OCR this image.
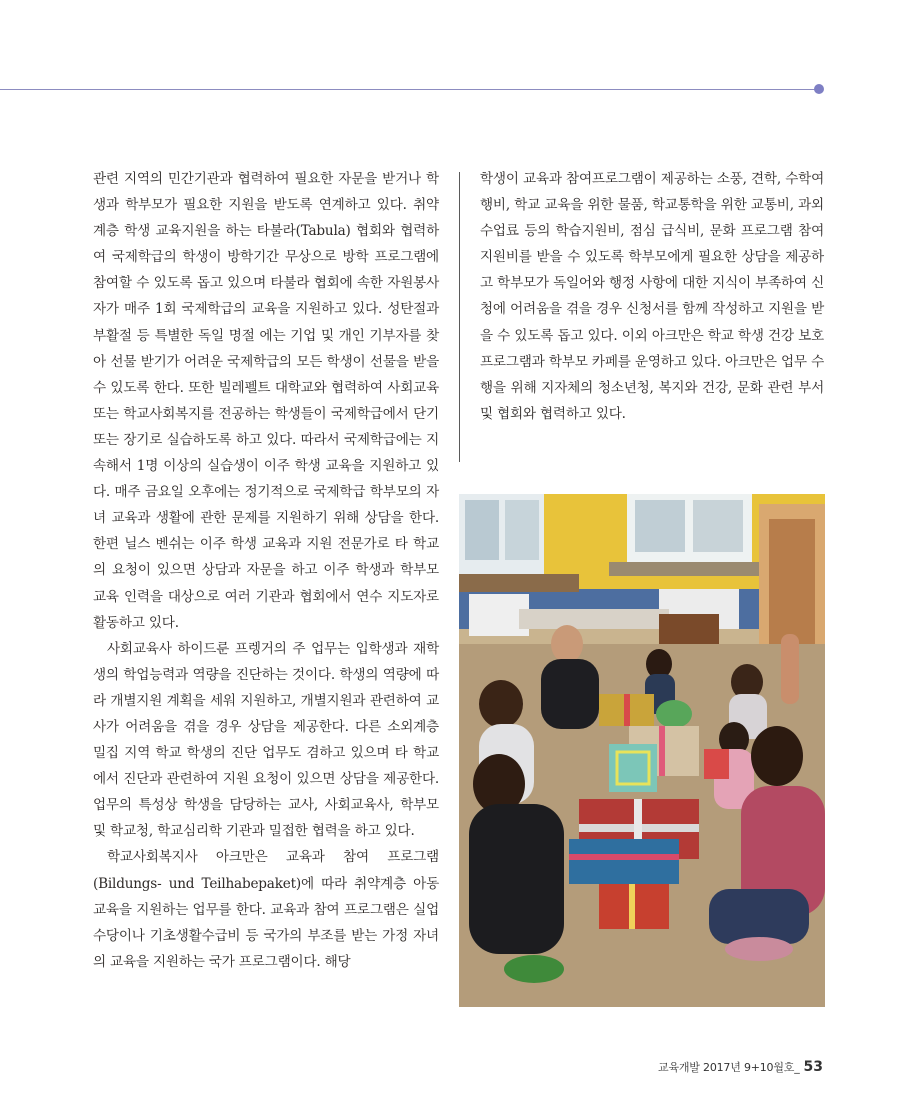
관련 지역의 민간기관과 협력하여 필요한 자문을 받거나 학생과 학부모가 필요한 지원을 받도록 연계하고 있다. 취약 계층 학생 교육지원을 하는 타불라(Tabula) 협회와 협력하여 국제학급의 학생이 방학기간 무상으로 방학 프로그램에 참여할 수 있도록 돕고 있으며 타불라 협회에 속한 자원봉사자가 매주 1회 국제학급의 교육을 지원하고 있다. 성탄절과 부활절 등 특별한 독일 명절 에는 기업 및 개인 기부자를 찾아 선물 받기가 어려운 국제학급의 모든 학생이 선물을 받을 수 있도록 한다. 또한 빌레펠트 대학교와 협력하여 사회교육 또는 학교사회복지를 전공하는 학생들이 국제학급에서 단기 또는 장기로 실습하도록 하고 있다. 따라서 국제학급에는 지속해서 1명 이상의 실습생이 이주 학생 교육을 지원하고 있다. 매주 금요일 오후에는 정기적으로 국제학급 학부모의 자녀 교육과 생활에 관한 문제를 지원하기 위해 상담을 한다. 한편 닐스 벤쉬는 이주 학생 교육과 지원 전문가로 타 학교의 요청이 있으면 상담과 자문을 하고 이주 학생과 학부모 교육 인력을 대상으로 여러 기관과 협회에서 연수 지도자로 활동하고 있다.

사회교육사 하이드룬 프렝거의 주 업무는 입학생과 재학생의 학업능력과 역량을 진단하는 것이다. 학생의 역량에 따라 개별지원 계획을 세워 지원하고, 개별지원과 관련하여 교사가 어려움을 겪을 경우 상담을 제공한다. 다른 소외계층 밀집 지역 학교 학생의 진단 업무도 겸하고 있으며 타 학교에서 진단과 관련하여 지원 요청이 있으면 상담을 제공한다. 업무의 특성상 학생을 담당하는 교사, 사회교육사, 학부모 및 학교청, 학교심리학 기관과 밀접한 협력을 하고 있다.

학교사회복지사 아크만은 교육과 참여 프로그램(Bildungs- und Teilhabepaket)에 따라 취약계층 아동 교육을 지원하는 업무를 한다. 교육과 참여 프로그램은 실업 수당이나 기초생활수급비 등 국가의 부조를 받는 가정 자녀의 교육을 지원하는 국가 프로그램이다. 해당

학생이 교육과 참여프로그램이 제공하는 소풍, 견학, 수학여행비, 학교 교육을 위한 물품, 학교통학을 위한 교통비, 과외 수업료 등의 학습지원비, 점심 급식비, 문화 프로그램 참여지원비를 받을 수 있도록 학부모에게 필요한 상담을 제공하고 학부모가 독일어와 행정 사항에 대한 지식이 부족하여 신청에 어려움을 겪을 경우 신청서를 함께 작성하고 지원을 받을 수 있도록 돕고 있다. 이외 아크만은 학교 학생 건강 보호 프로그램과 학부모 카페를 운영하고 있다. 아크만은 업무 수행을 위해 지자체의 청소년청, 복지와 건강, 문화 관련 부서 및 협회와 협력하고 있다.

교육개발 2017년 9+10월호_ 53
